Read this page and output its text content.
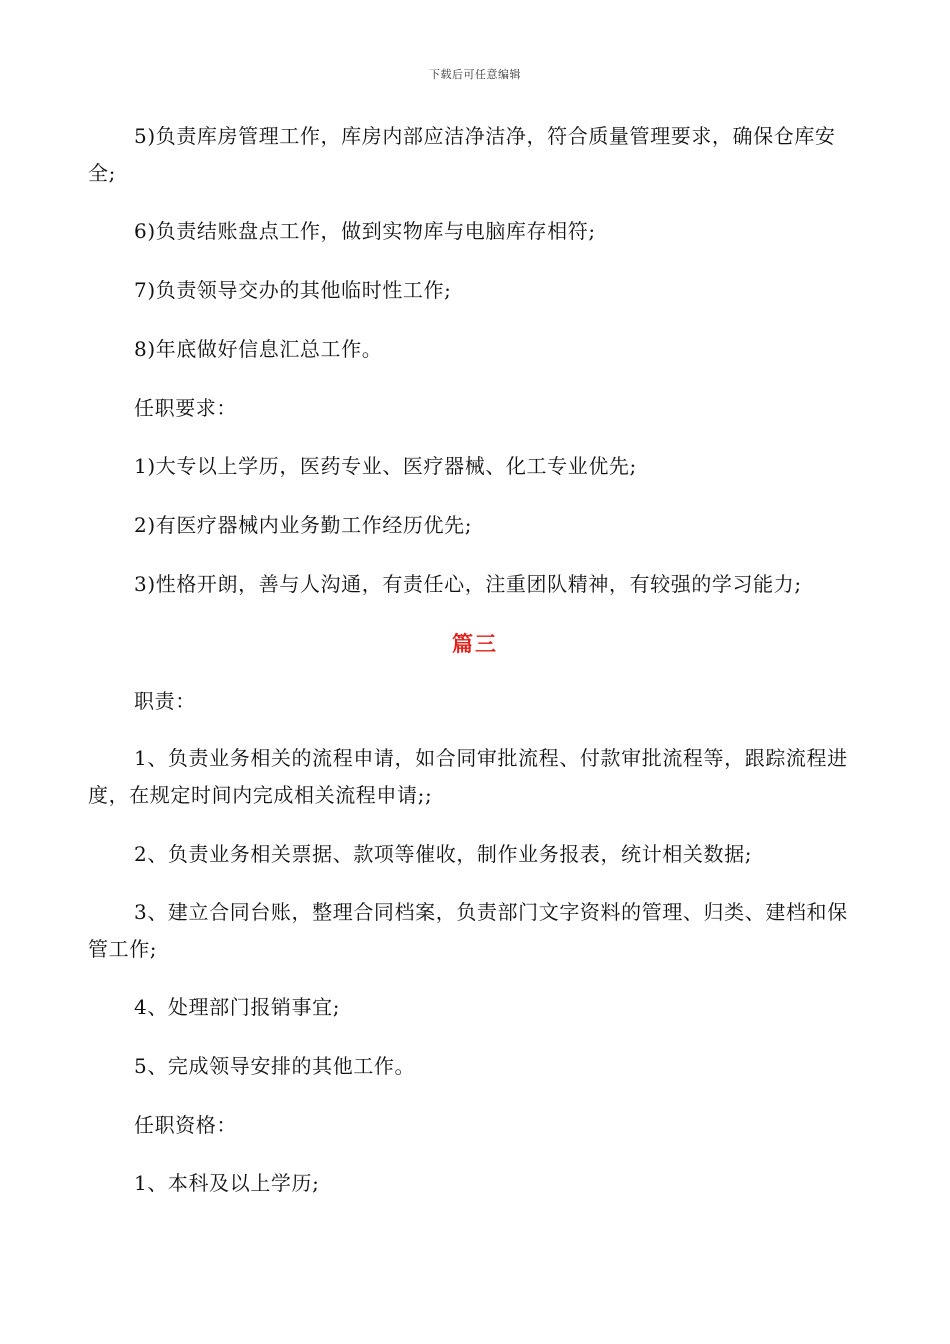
下载后可任意编辑

5)负责库房管理工作，库房内部应洁净洁净，符合质量管理要求，确保仓库安全;

6)负责结账盘点工作，做到实物库与电脑库存相符;

7)负责领导交办的其他临时性工作;

8)年底做好信息汇总工作。

任职要求：

1)大专以上学历，医药专业、医疗器械、化工专业优先;

2)有医疗器械内业务勤工作经历优先;

3)性格开朗，善与人沟通，有责任心，注重团队精神，有较强的学习能力;

篇三

职责：

1、负责业务相关的流程申请，如合同审批流程、付款审批流程等，跟踪流程进度，在规定时间内完成相关流程申请;;

2、负责业务相关票据、款项等催收，制作业务报表，统计相关数据;

3、建立合同台账，整理合同档案，负责部门文字资料的管理、归类、建档和保管工作;

4、处理部门报销事宜;

5、完成领导安排的其他工作。

任职资格：

1、本科及以上学历;
